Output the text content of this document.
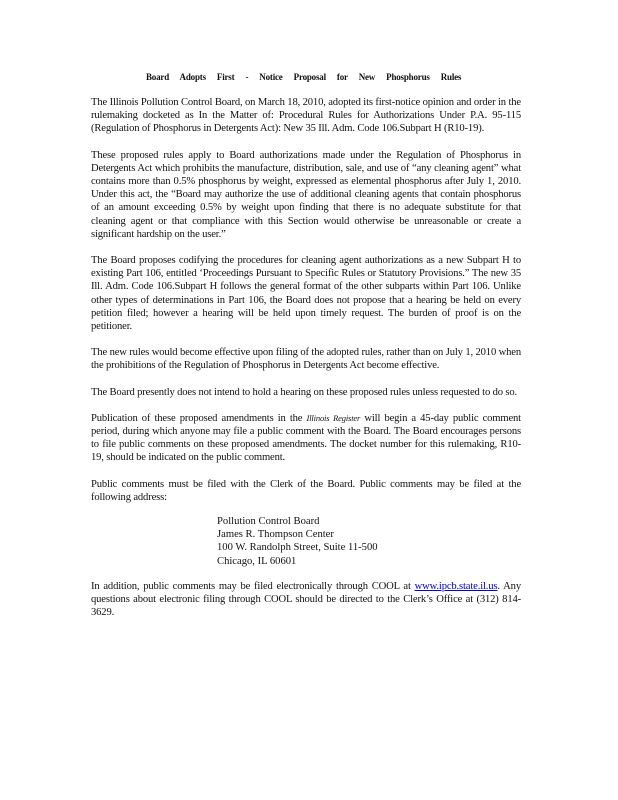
Board Adopts First - Notice Proposal for New Phosphorus Rules

The Illinois Pollution Control Board, on March 18, 2010, adopted its first-notice opinion and order in the rulemaking docketed as In the Matter of: Procedural Rules for Authorizations Under P.A. 95-115 (Regulation of Phosphorus in Detergents Act): New 35 Ill. Adm. Code 106.Subpart H (R10-19).

These proposed rules apply to Board authorizations made under the Regulation of Phosphorus in Detergents Act which prohibits the manufacture, distribution, sale, and use of “any cleaning agent” what contains more than 0.5% phosphorus by weight, expressed as elemental phosphorus after July 1, 2010. Under this act, the “Board may authorize the use of additional cleaning agents that contain phosphorus of an amount exceeding 0.5% by weight upon finding that there is no adequate substitute for that cleaning agent or that compliance with this Section would otherwise be unreasonable or create a significant hardship on the user.”

The Board proposes codifying the procedures for cleaning agent authorizations as a new Subpart H to existing Part 106, entitled ‘Proceedings Pursuant to Specific Rules or Statutory Provisions.” The new 35 Ill. Adm. Code 106.Subpart H follows the general format of the other subparts within Part 106. Unlike other types of determinations in Part 106, the Board does not propose that a hearing be held on every petition filed; however a hearing will be held upon timely request. The burden of proof is on the petitioner.

The new rules would become effective upon filing of the adopted rules, rather than on July 1, 2010 when the prohibitions of the Regulation of Phosphorus in Detergents Act become effective.

The Board presently does not intend to hold a hearing on these proposed rules unless requested to do so.

Publication of these proposed amendments in the Illinois Register will begin a 45-day public comment period, during which anyone may file a public comment with the Board. The Board encourages persons to file public comments on these proposed amendments. The docket number for this rulemaking, R10-19, should be indicated on the public comment.

Public comments must be filed with the Clerk of the Board. Public comments may be filed at the following address:

Pollution Control Board
James R. Thompson Center
100 W. Randolph Street, Suite 11-500
Chicago, IL 60601

In addition, public comments may be filed electronically through COOL at www.ipcb.state.il.us. Any questions about electronic filing through COOL should be directed to the Clerk’s Office at (312) 814-3629.
